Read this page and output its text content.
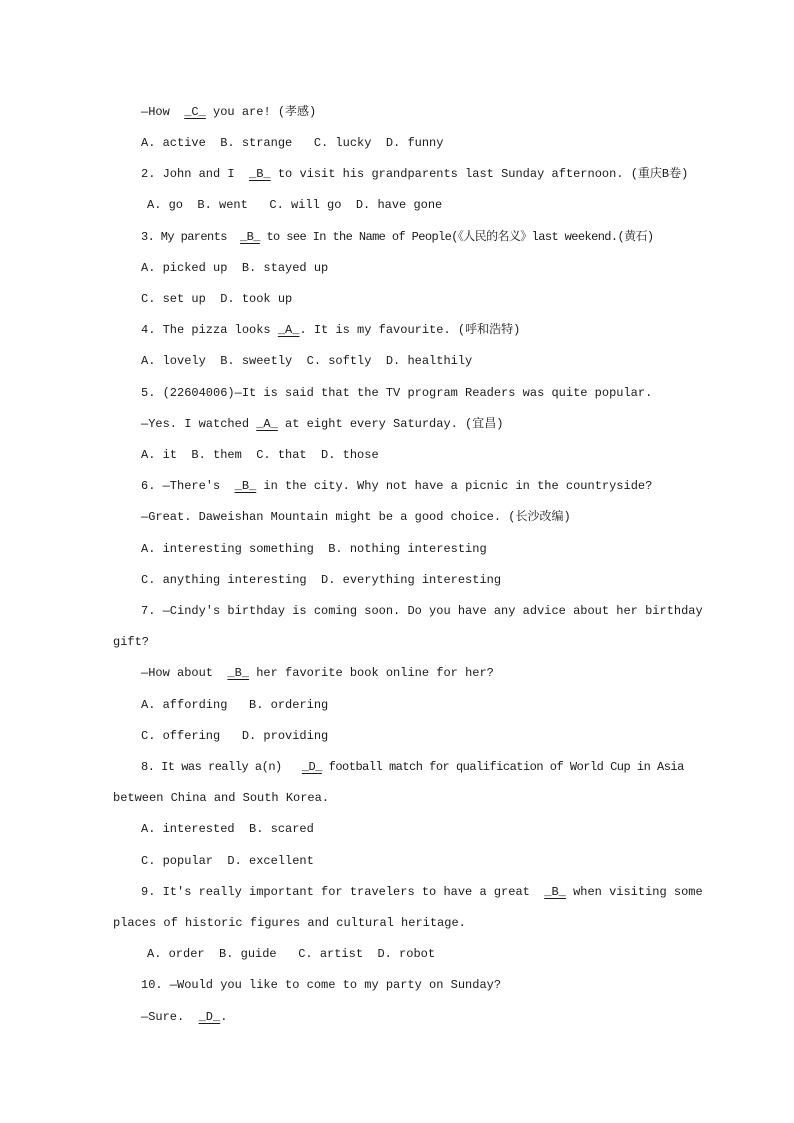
—How  _C_ you are! (孝感)
A. active  B. strange   C. lucky  D. funny
2. John and I  _B_ to visit his grandparents last Sunday afternoon. (重庆B卷)
A. go  B. went   C. will go  D. have gone
3. My parents  _B_ to see In the Name of People(《人民的名义》last weekend.(黄石)
A. picked up  B. stayed up
C. set up  D. took up
4. The pizza looks _A_. It is my favourite. (呼和浩特)
A. lovely  B. sweetly  C. softly  D. healthily
5. (22604006)—It is said that the TV program Readers was quite popular.
—Yes. I watched _A_ at eight every Saturday. (宜昌)
A. it  B. them  C. that  D. those
6. —There's  _B_ in the city. Why not have a picnic in the countryside?
—Great. Daweishan Mountain might be a good choice. (长沙改编)
A. interesting something  B. nothing interesting
C. anything interesting  D. everything interesting
7. —Cindy's birthday is coming soon. Do you have any advice about her birthday
gift?
—How about  _B_ her favorite book online for her?
A. affording   B. ordering
C. offering   D. providing
8. It was really a(n)   _D_ football match for qualification of World Cup in Asia
between China and South Korea.
A. interested  B. scared
C. popular  D. excellent
9. It's really important for travelers to have a great  _B_ when visiting some
places of historic figures and cultural heritage.
A. order  B. guide   C. artist  D. robot
10. —Would you like to come to my party on Sunday?
—Sure.  _D_.
